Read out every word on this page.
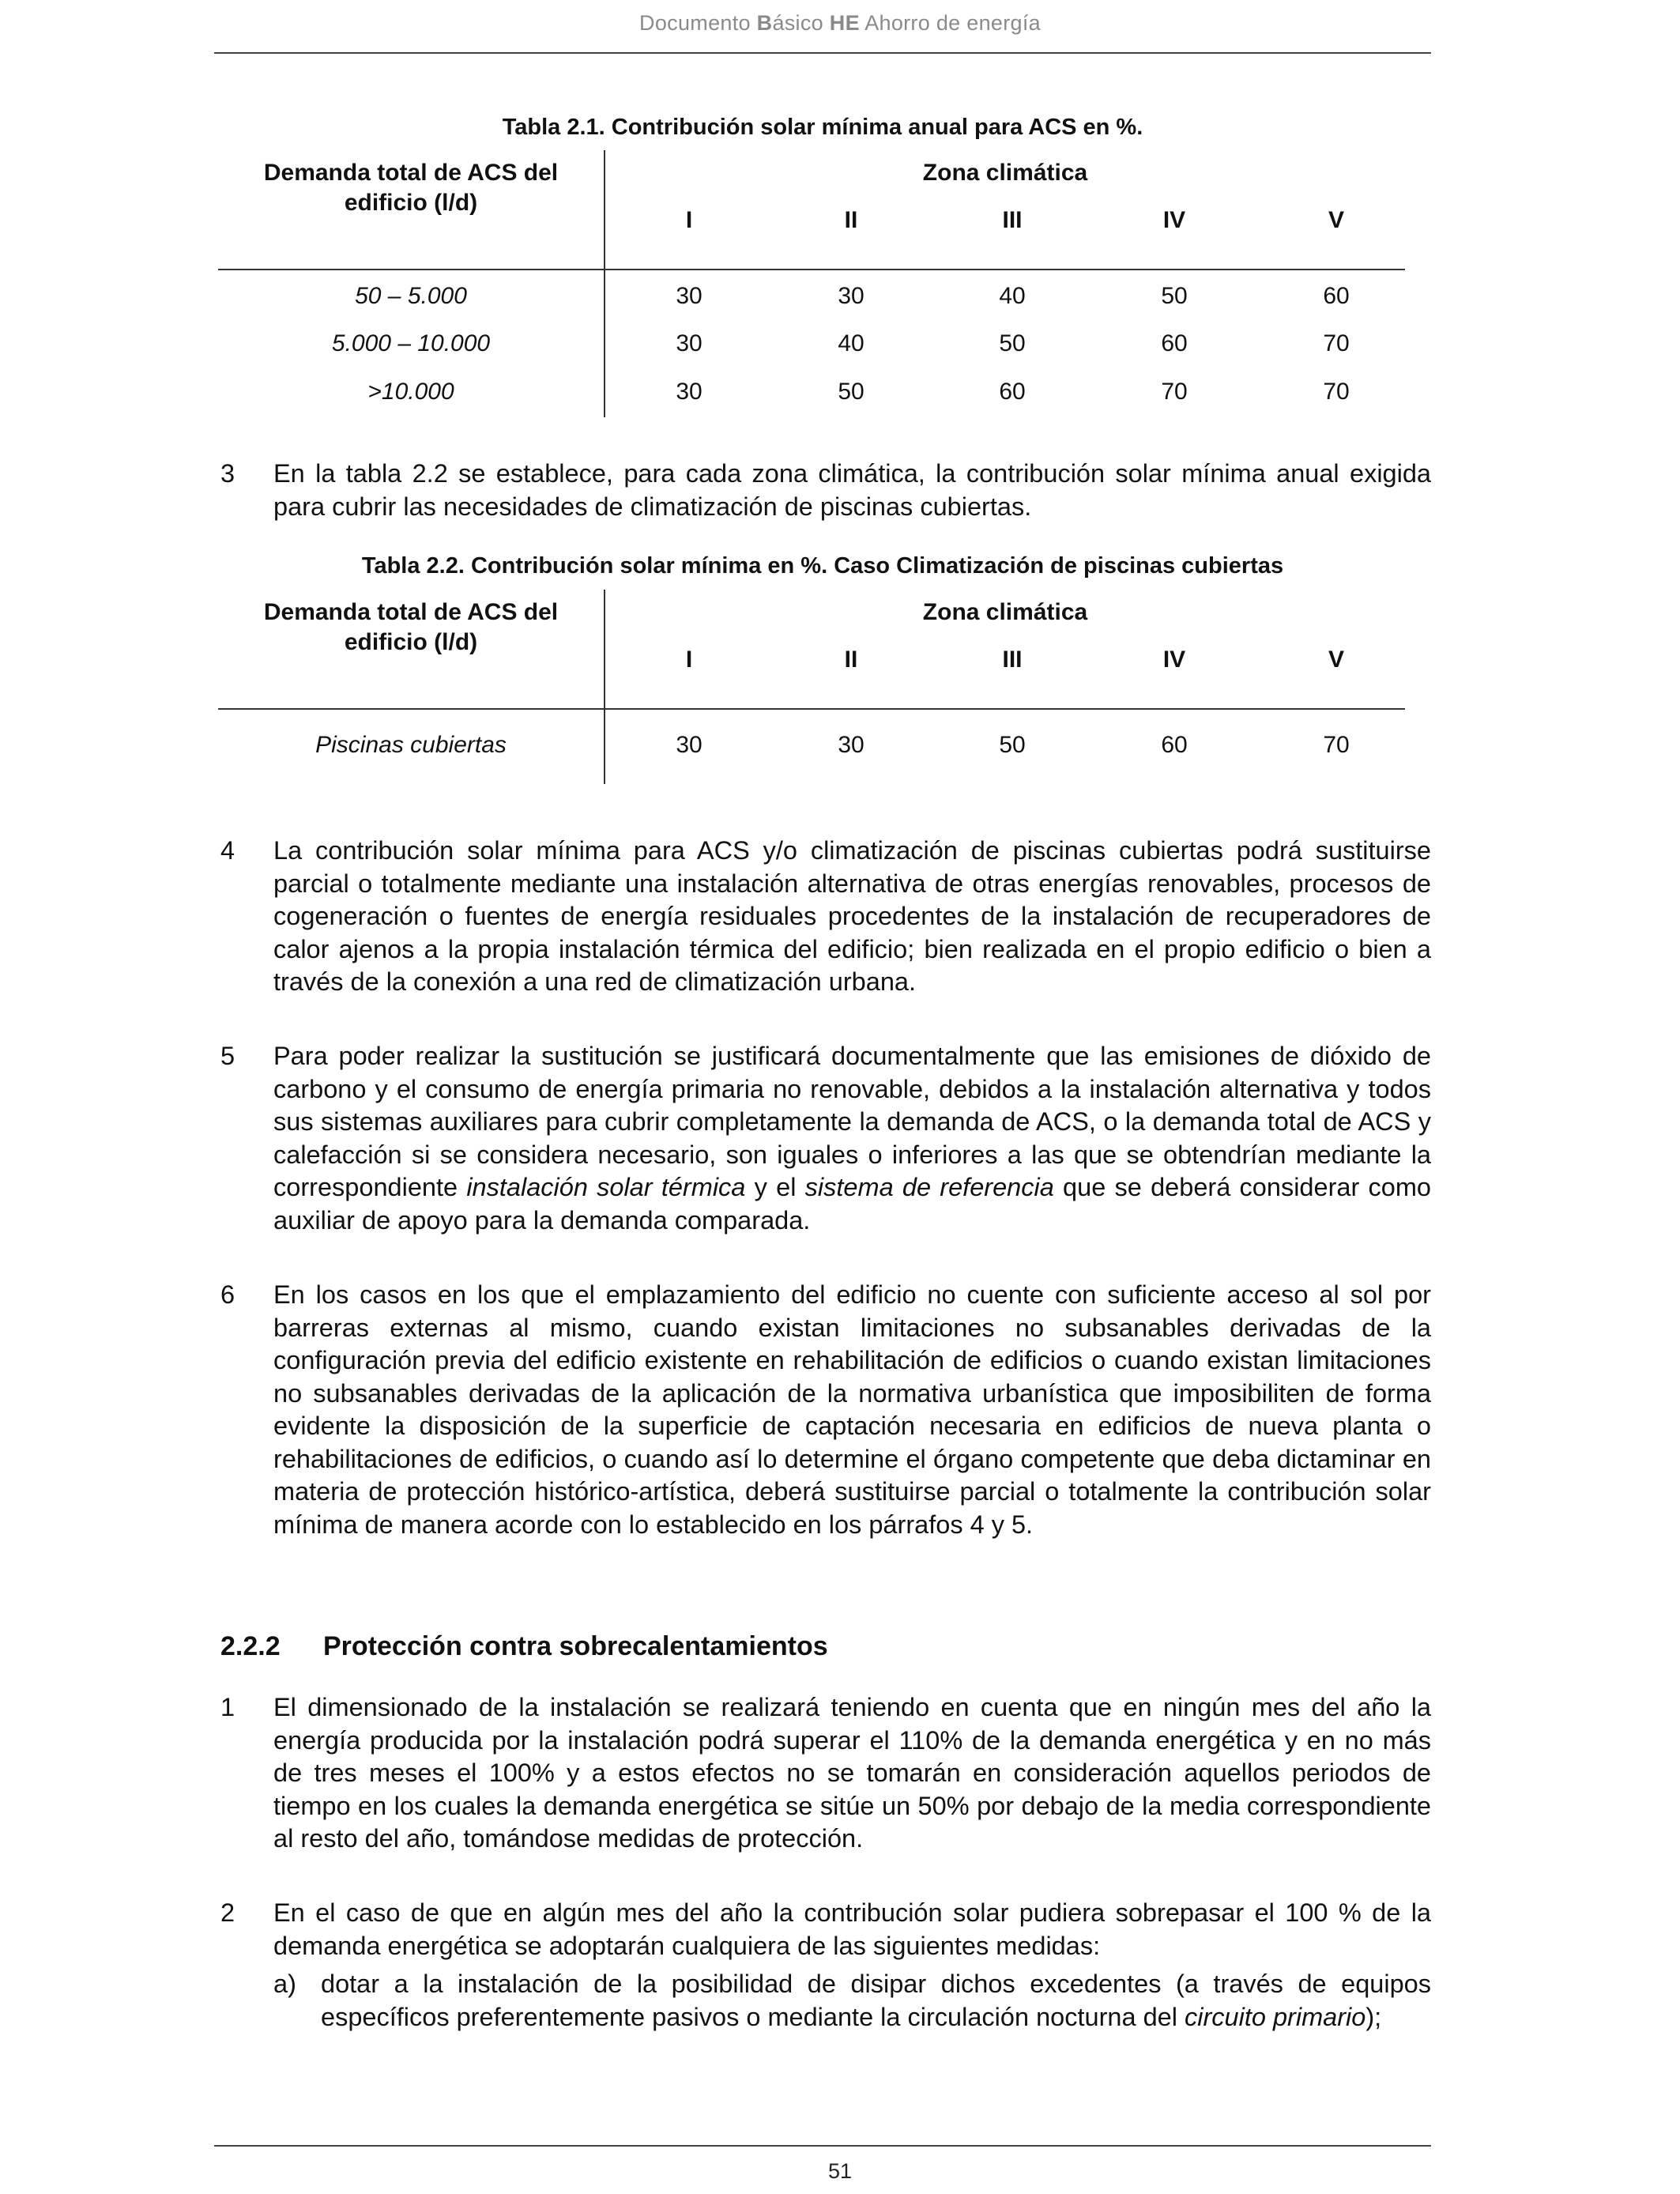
Documento Básico HE Ahorro de energía
Tabla 2.1. Contribución solar mínima anual para ACS en %.
Demanda total de ACS del
edificio (l/d)
Zona climática
I	II	III	IV	V
50 – 5.000	30	30	40	50	60
5.000 – 10.000	30	40	50	60	70
>10.000	30	50	60	70	70
3 En la tabla 2.2 se establece, para cada zona climática, la contribución solar mínima anual exigida para cubrir las necesidades de climatización de piscinas cubiertas.
Tabla 2.2. Contribución solar mínima en %. Caso Climatización de piscinas cubiertas
Demanda total de ACS del
edificio (l/d)
Zona climática
I	II	III	IV	V
Piscinas cubiertas	30	30	50	60	70
4 La contribución solar mínima para ACS y/o climatización de piscinas cubiertas podrá sustituirse parcial o totalmente mediante una instalación alternativa de otras energías renovables, procesos de cogeneración o fuentes de energía residuales procedentes de la instalación de recuperadores de calor ajenos a la propia instalación térmica del edificio; bien realizada en el propio edificio o bien a través de la conexión a una red de climatización urbana.
5 Para poder realizar la sustitución se justificará documentalmente que las emisiones de dióxido de carbono y el consumo de energía primaria no renovable, debidos a la instalación alternativa y todos sus sistemas auxiliares para cubrir completamente la demanda de ACS, o la demanda total de ACS y calefacción si se considera necesario, son iguales o inferiores a las que se obtendrían mediante la correspondiente instalación solar térmica y el sistema de referencia que se deberá considerar como auxiliar de apoyo para la demanda comparada.
6 En los casos en los que el emplazamiento del edificio no cuente con suficiente acceso al sol por barreras externas al mismo, cuando existan limitaciones no subsanables derivadas de la configuración previa del edificio existente en rehabilitación de edificios o cuando existan limitaciones no subsanables derivadas de la aplicación de la normativa urbanística que imposibiliten de forma evidente la disposición de la superficie de captación necesaria en edificios de nueva planta o rehabilitaciones de edificios, o cuando así lo determine el órgano competente que deba dictaminar en materia de protección histórico-artística, deberá sustituirse parcial o totalmente la contribución solar mínima de manera acorde con lo establecido en los párrafos 4 y 5.
2.2.2 Protección contra sobrecalentamientos
1 El dimensionado de la instalación se realizará teniendo en cuenta que en ningún mes del año la energía producida por la instalación podrá superar el 110% de la demanda energética y en no más de tres meses el 100% y a estos efectos no se tomarán en consideración aquellos periodos de tiempo en los cuales la demanda energética se sitúe un 50% por debajo de la media correspondiente al resto del año, tomándose medidas de protección.
2 En el caso de que en algún mes del año la contribución solar pudiera sobrepasar el 100 % de la demanda energética se adoptarán cualquiera de las siguientes medidas:
a) dotar a la instalación de la posibilidad de disipar dichos excedentes (a través de equipos específicos preferentemente pasivos o mediante la circulación nocturna del circuito primario);
51
